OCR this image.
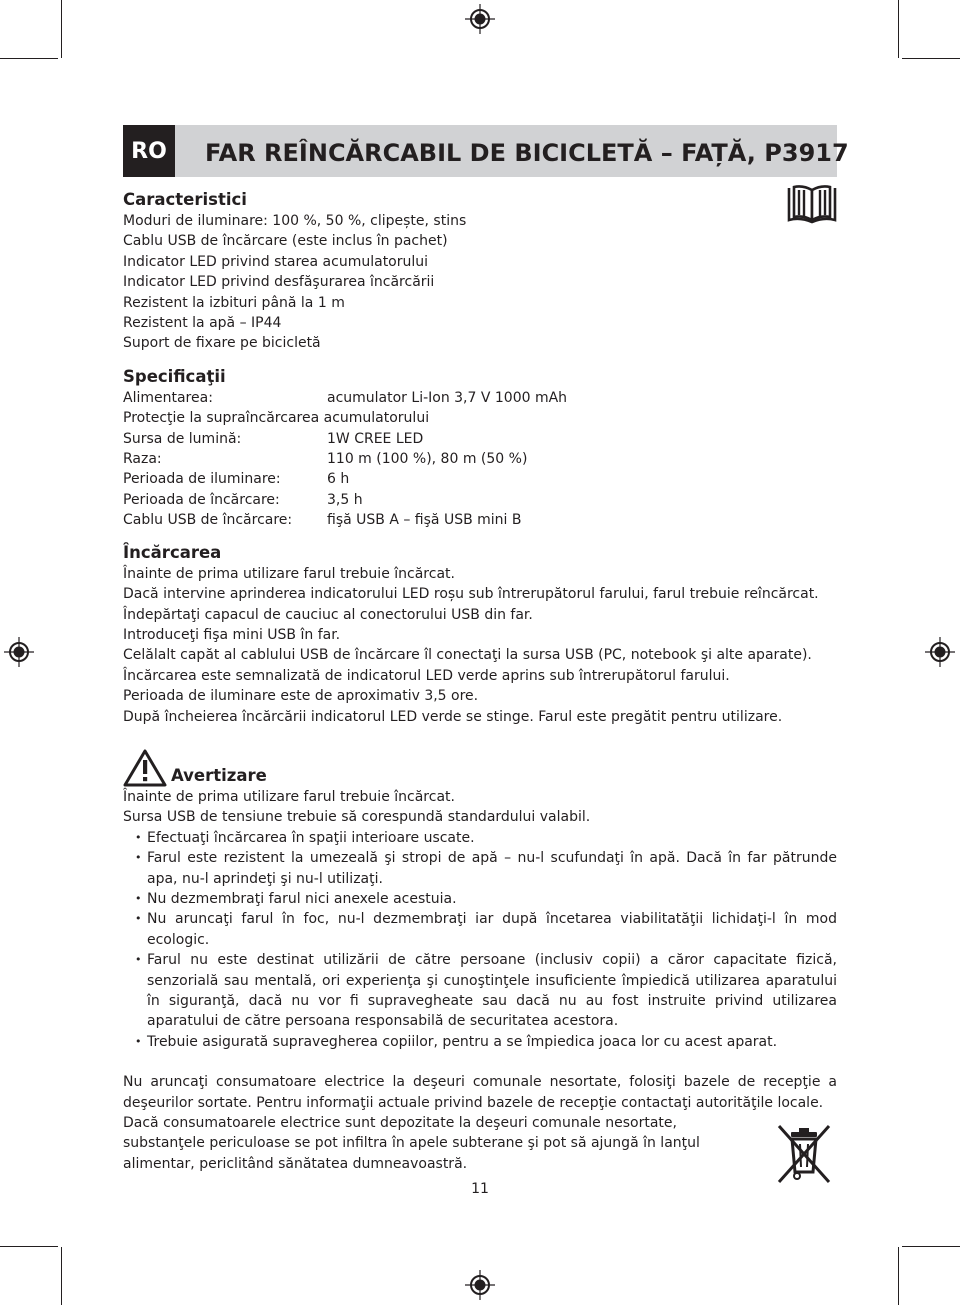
RO	FAR REÎNCĂRCABIL DE BICICLETĂ – FAȚĂ, P3917
Caracteristici
Moduri de iluminare: 100 %, 50 %, clipește, stins
Cablu USB de încărcare (este inclus în pachet)
Indicator LED privind starea acumulatorului
Indicator LED privind desfăşurarea încărcării
Rezistent la izbituri până la 1 m
Rezistent la apă – IP44
Suport de fixare pe bicicletă
Specificaţii
Alimentarea:	acumulator Li-Ion 3,7 V 1000 mAh
Protecţie la supraîncărcarea acumulatorului
Sursa de lumină:	1W CREE LED
Raza:	110 m (100 %), 80 m (50 %)
Perioada de iluminare:	6 h
Perioada de încărcare:	3,5 h
Cablu USB de încărcare:	fişă USB A – fişă USB mini B
Încărcarea
Înainte de prima utilizare farul trebuie încărcat.
Dacă intervine aprinderea indicatorului LED roșu sub întrerupătorul farului, farul trebuie reîncărcat.
Îndepărtaţi capacul de cauciuc al conectorului USB din far.
Introduceţi fişa mini USB în far.
Celălalt capăt al cablului USB de încărcare îl conectaţi la sursa USB (PC, notebook şi alte aparate).
Încărcarea este semnalizată de indicatorul LED verde aprins sub întrerupătorul farului.
Perioada de iluminare este de aproximativ 3,5 ore.
După încheierea încărcării indicatorul LED verde se stinge. Farul este pregătit pentru utilizare.
Avertizare
Înainte de prima utilizare farul trebuie încărcat.
Sursa USB de tensiune trebuie să corespundă standardului valabil.
• Efectuaţi încărcarea în spaţii interioare uscate.
• Farul este rezistent la umezeală şi stropi de apă – nu-l scufundaţi în apă. Dacă în far pătrunde apa, nu-l aprindeţi şi nu-l utilizaţi.
• Nu dezmembraţi farul nici anexele acestuia.
• Nu aruncaţi farul în foc, nu-l dezmembraţi iar după încetarea viabilitatăţii lichidaţi-l în mod ecologic.
• Farul nu este destinat utilizării de către persoane (inclusiv copii) a căror capacitate fizică, senzorială sau mentală, ori experienţa şi cunoştinţele insuficiente împiedică utilizarea aparatului în siguranţă, dacă nu vor fi supravegheate sau dacă nu au fost instruite privind utilizarea aparatului de către persoana responsabilă de securitatea acestora.
• Trebuie asigurată supravegherea copiilor, pentru a se împiedica joaca lor cu acest aparat.
Nu aruncaţi consumatoare electrice la deşeuri comunale nesortate, folosiţi bazele de recepţie a deşeurilor sortate. Pentru informaţii actuale privind bazele de recepţie contactaţi autorităţile locale.
Dacă consumatoarele electrice sunt depozitate la deşeuri comunale nesortate, substanţele periculoase se pot infiltra în apele subterane şi pot să ajungă în lanţul alimentar, periclitând sănătatea dumneavoastră.
11
